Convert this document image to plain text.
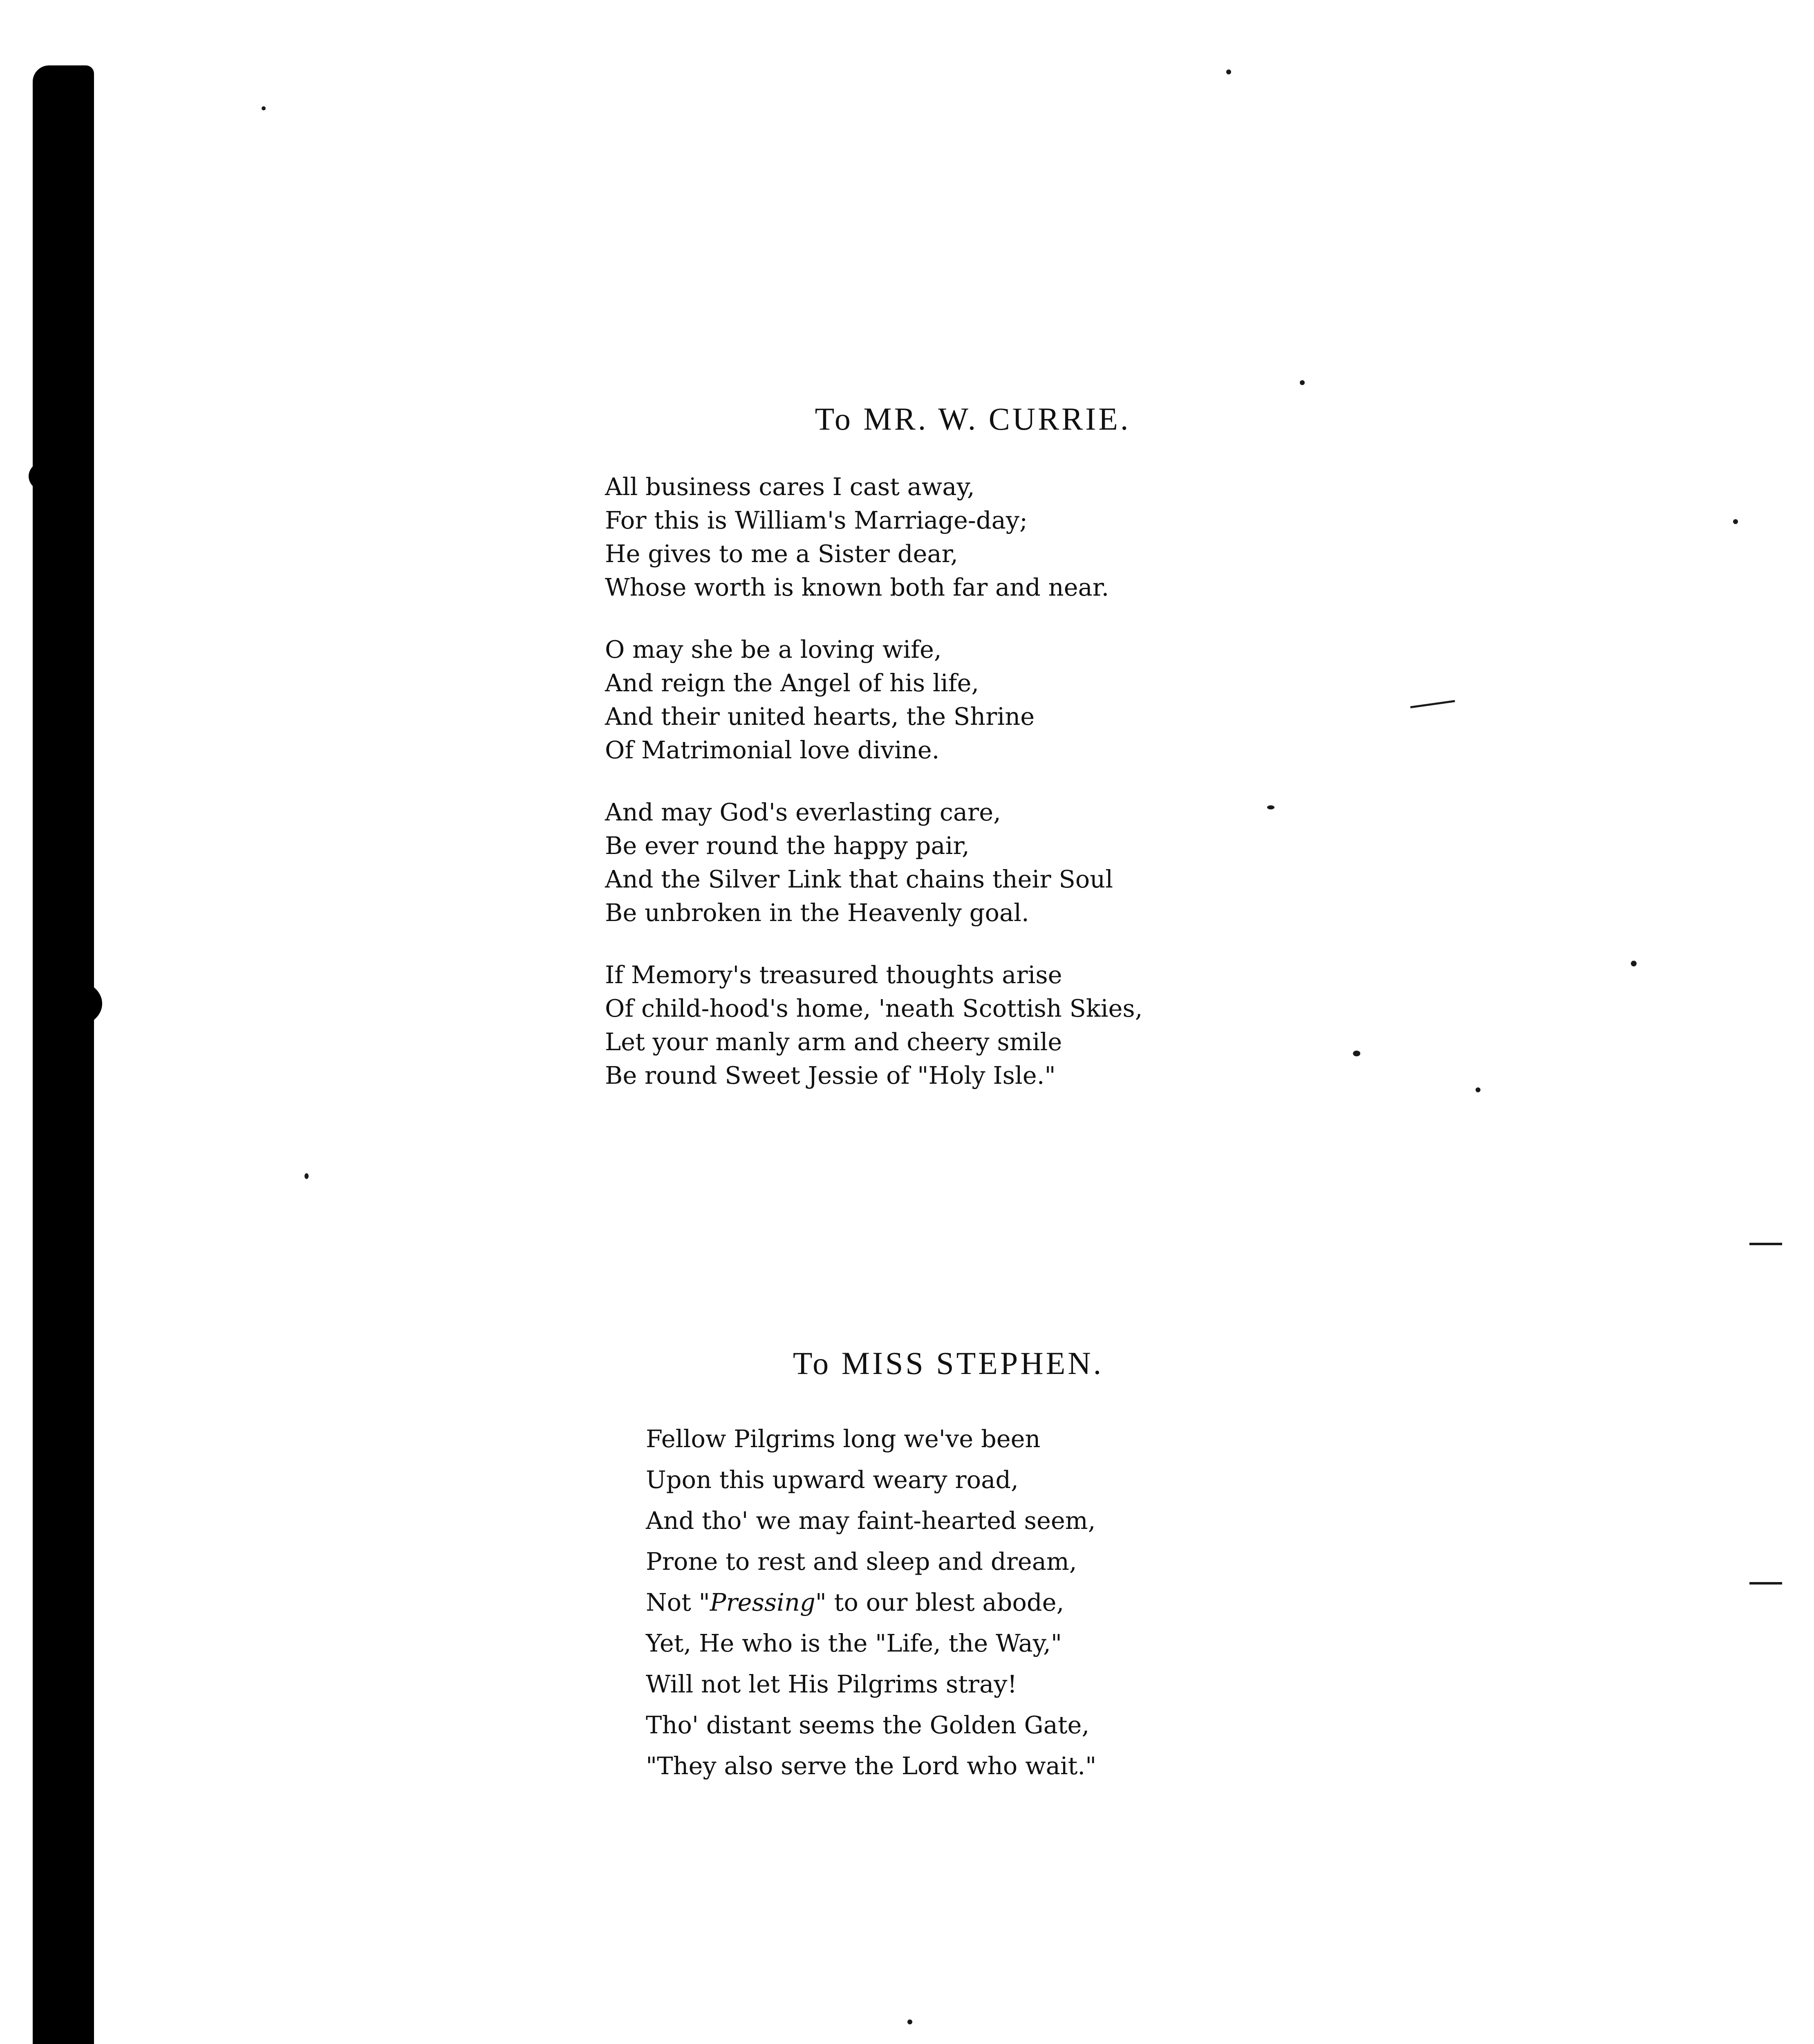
To MR. W. CURRIE.

All business cares I cast away,
For this is William's Marriage-day;
He gives to me a Sister dear,
Whose worth is known both far and near.

O may she be a loving wife,
And reign the Angel of his life,
And their united hearts, the Shrine
Of Matrimonial love divine.

And may God's everlasting care,
Be ever round the happy pair,
And the Silver Link that chains their Soul
Be unbroken in the Heavenly goal.

If Memory's treasured thoughts arise
Of child-hood's home, 'neath Scottish Skies,
Let your manly arm and cheery smile
Be round Sweet Jessie of "Holy Isle."

To MISS STEPHEN.

Fellow Pilgrims long we've been
Upon this upward weary road,
And tho' we may faint-hearted seem,
Prone to rest and sleep and dream,
Not "Pressing" to our blest abode,
Yet, He who is the "Life, the Way,"
Will not let His Pilgrims stray!
Tho' distant seems the Golden Gate,
"They also serve the Lord who wait."
